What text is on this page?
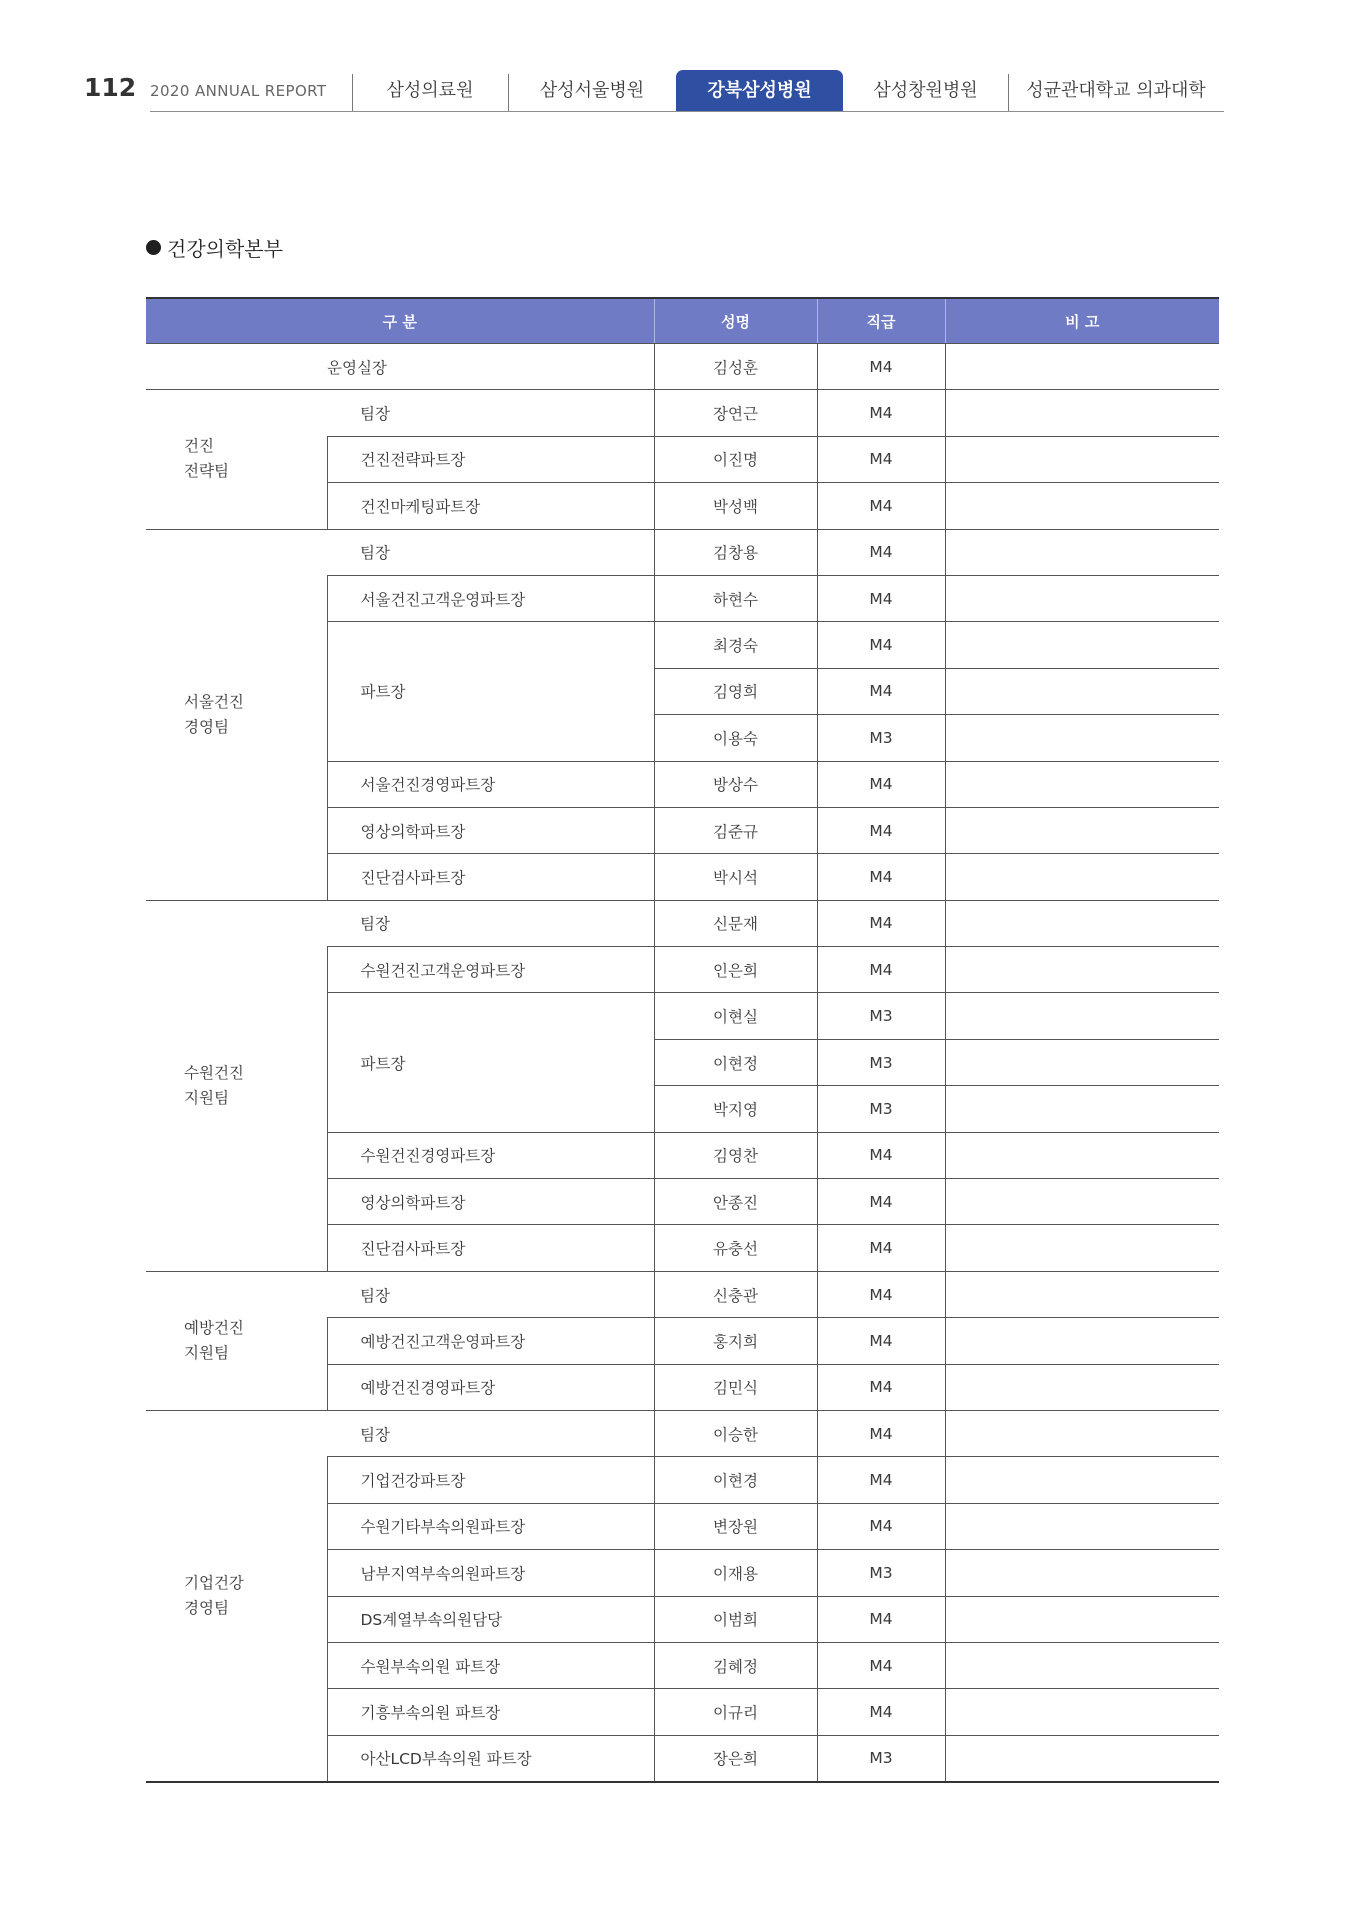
112 2020 ANNUAL REPORT	삼성의료원	삼성서울병원	강북삼성병원	삼성창원병원	성균관대학교 의과대학
건강의학본부
구 분		성명	직급	비 고
운영실장		김성훈	M4	

건진
전략팀	팀장	장연근	M4	
	건진전략파트장	이진명	M4	
	건진마케팅파트장	박성백	M4	

서울건진
경영팀	팀장	김창용	M4	
	서울건진고객운영파트장	하현수	M4	
	파트장	최경숙	M4	
		김영희	M4	
		이용숙	M3	
	서울건진경영파트장	방상수	M4	
	영상의학파트장	김준규	M4	
	진단검사파트장	박시석	M4	

수원건진
지원팀	팀장	신문재	M4	
	수원건진고객운영파트장	인은희	M4	
	파트장	이현실	M3	
		이현정	M3	
		박지영	M3	
	수원건진경영파트장	김영찬	M4	
	영상의학파트장	안종진	M4	
	진단검사파트장	유충선	M4	

예방건진
지원팀	팀장	신충관	M4	
	예방건진고객운영파트장	홍지희	M4	
	예방건진경영파트장	김민식	M4	

기업건강
경영팀	팀장	이승한	M4	
	기업건강파트장	이현경	M4	
	수원기타부속의원파트장	변장원	M4	
	남부지역부속의원파트장	이재용	M3	
	DS계열부속의원담당	이범희	M4	
	수원부속의원 파트장	김혜정	M4	
	기흥부속의원 파트장	이규리	M4	
	아산LCD부속의원 파트장	장은희	M3	
